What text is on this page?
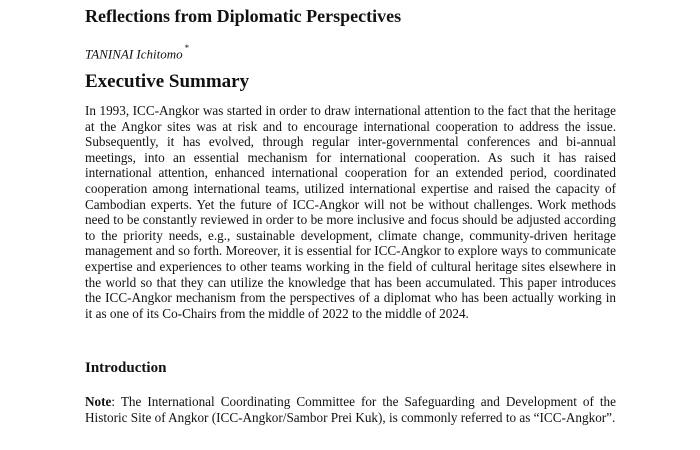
Reflections from Diplomatic Perspectives
TANINAI Ichitomo *
Executive Summary

In 1993, ICC-Angkor was started in order to draw international attention to the fact that the heritage at the Angkor sites was at risk and to encourage international cooperation to address the issue. Subsequently, it has evolved, through regular inter-governmental conferences and bi-annual meetings, into an essential mechanism for international cooperation. As such it has raised international attention, enhanced international cooperation for an extended period, coordinated cooperation among international teams, utilized international expertise and raised the capacity of Cambodian experts. Yet the future of ICC-Angkor will not be without challenges. Work methods need to be constantly reviewed in order to be more inclusive and focus should be adjusted according to the priority needs, e.g., sustainable development, climate change, community-driven heritage management and so forth. Moreover, it is essential for ICC-Angkor to explore ways to communicate expertise and experiences to other teams working in the field of cultural heritage sites elsewhere in the world so that they can utilize the knowledge that has been accumulated. This paper introduces the ICC-Angkor mechanism from the perspectives of a diplomat who has been actually working in it as one of its Co-Chairs from the middle of 2022 to the middle of 2024.

Introduction

Note: The International Coordinating Committee for the Safeguarding and Development of the Historic Site of Angkor (ICC-Angkor/Sambor Prei Kuk), is commonly referred to as “ICC-Angkor”.
